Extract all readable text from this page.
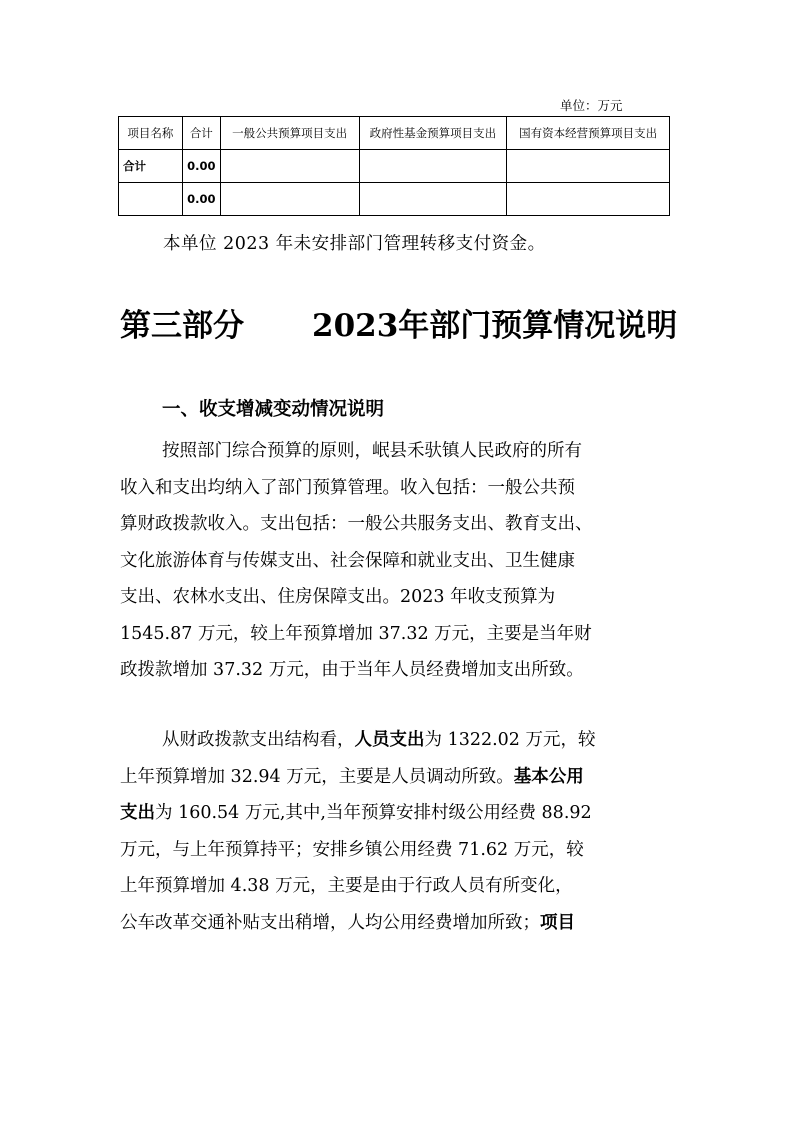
单位：万元
项目名称	合计	一般公共预算项目支出	政府性基金预算项目支出	国有资本经营预算项目支出
合计	0.00			
	0.00			
本单位 2023 年未安排部门管理转移支付资金。
第三部分 2023年部门预算情况说明
一、收支增减变动情况说明
按照部门综合预算的原则，岷县禾驮镇人民政府的所有
收入和支出均纳入了部门预算管理。收入包括：一般公共预
算财政拨款收入。支出包括：一般公共服务支出、教育支出、
文化旅游体育与传媒支出、社会保障和就业支出、卫生健康
支出、农林水支出、住房保障支出。2023 年收支预算为
1545.87 万元，较上年预算增加 37.32 万元，主要是当年财
政拨款增加 37.32 万元，由于当年人员经费增加支出所致。
从财政拨款支出结构看，人员支出为 1322.02 万元，较
上年预算增加 32.94 万元，主要是人员调动所致。基本公用
支出为 160.54 万元,其中,当年预算安排村级公用经费 88.92
万元，与上年预算持平；安排乡镇公用经费 71.62 万元，较
上年预算增加 4.38 万元，主要是由于行政人员有所变化，
公车改革交通补贴支出稍增，人均公用经费增加所致；项目
